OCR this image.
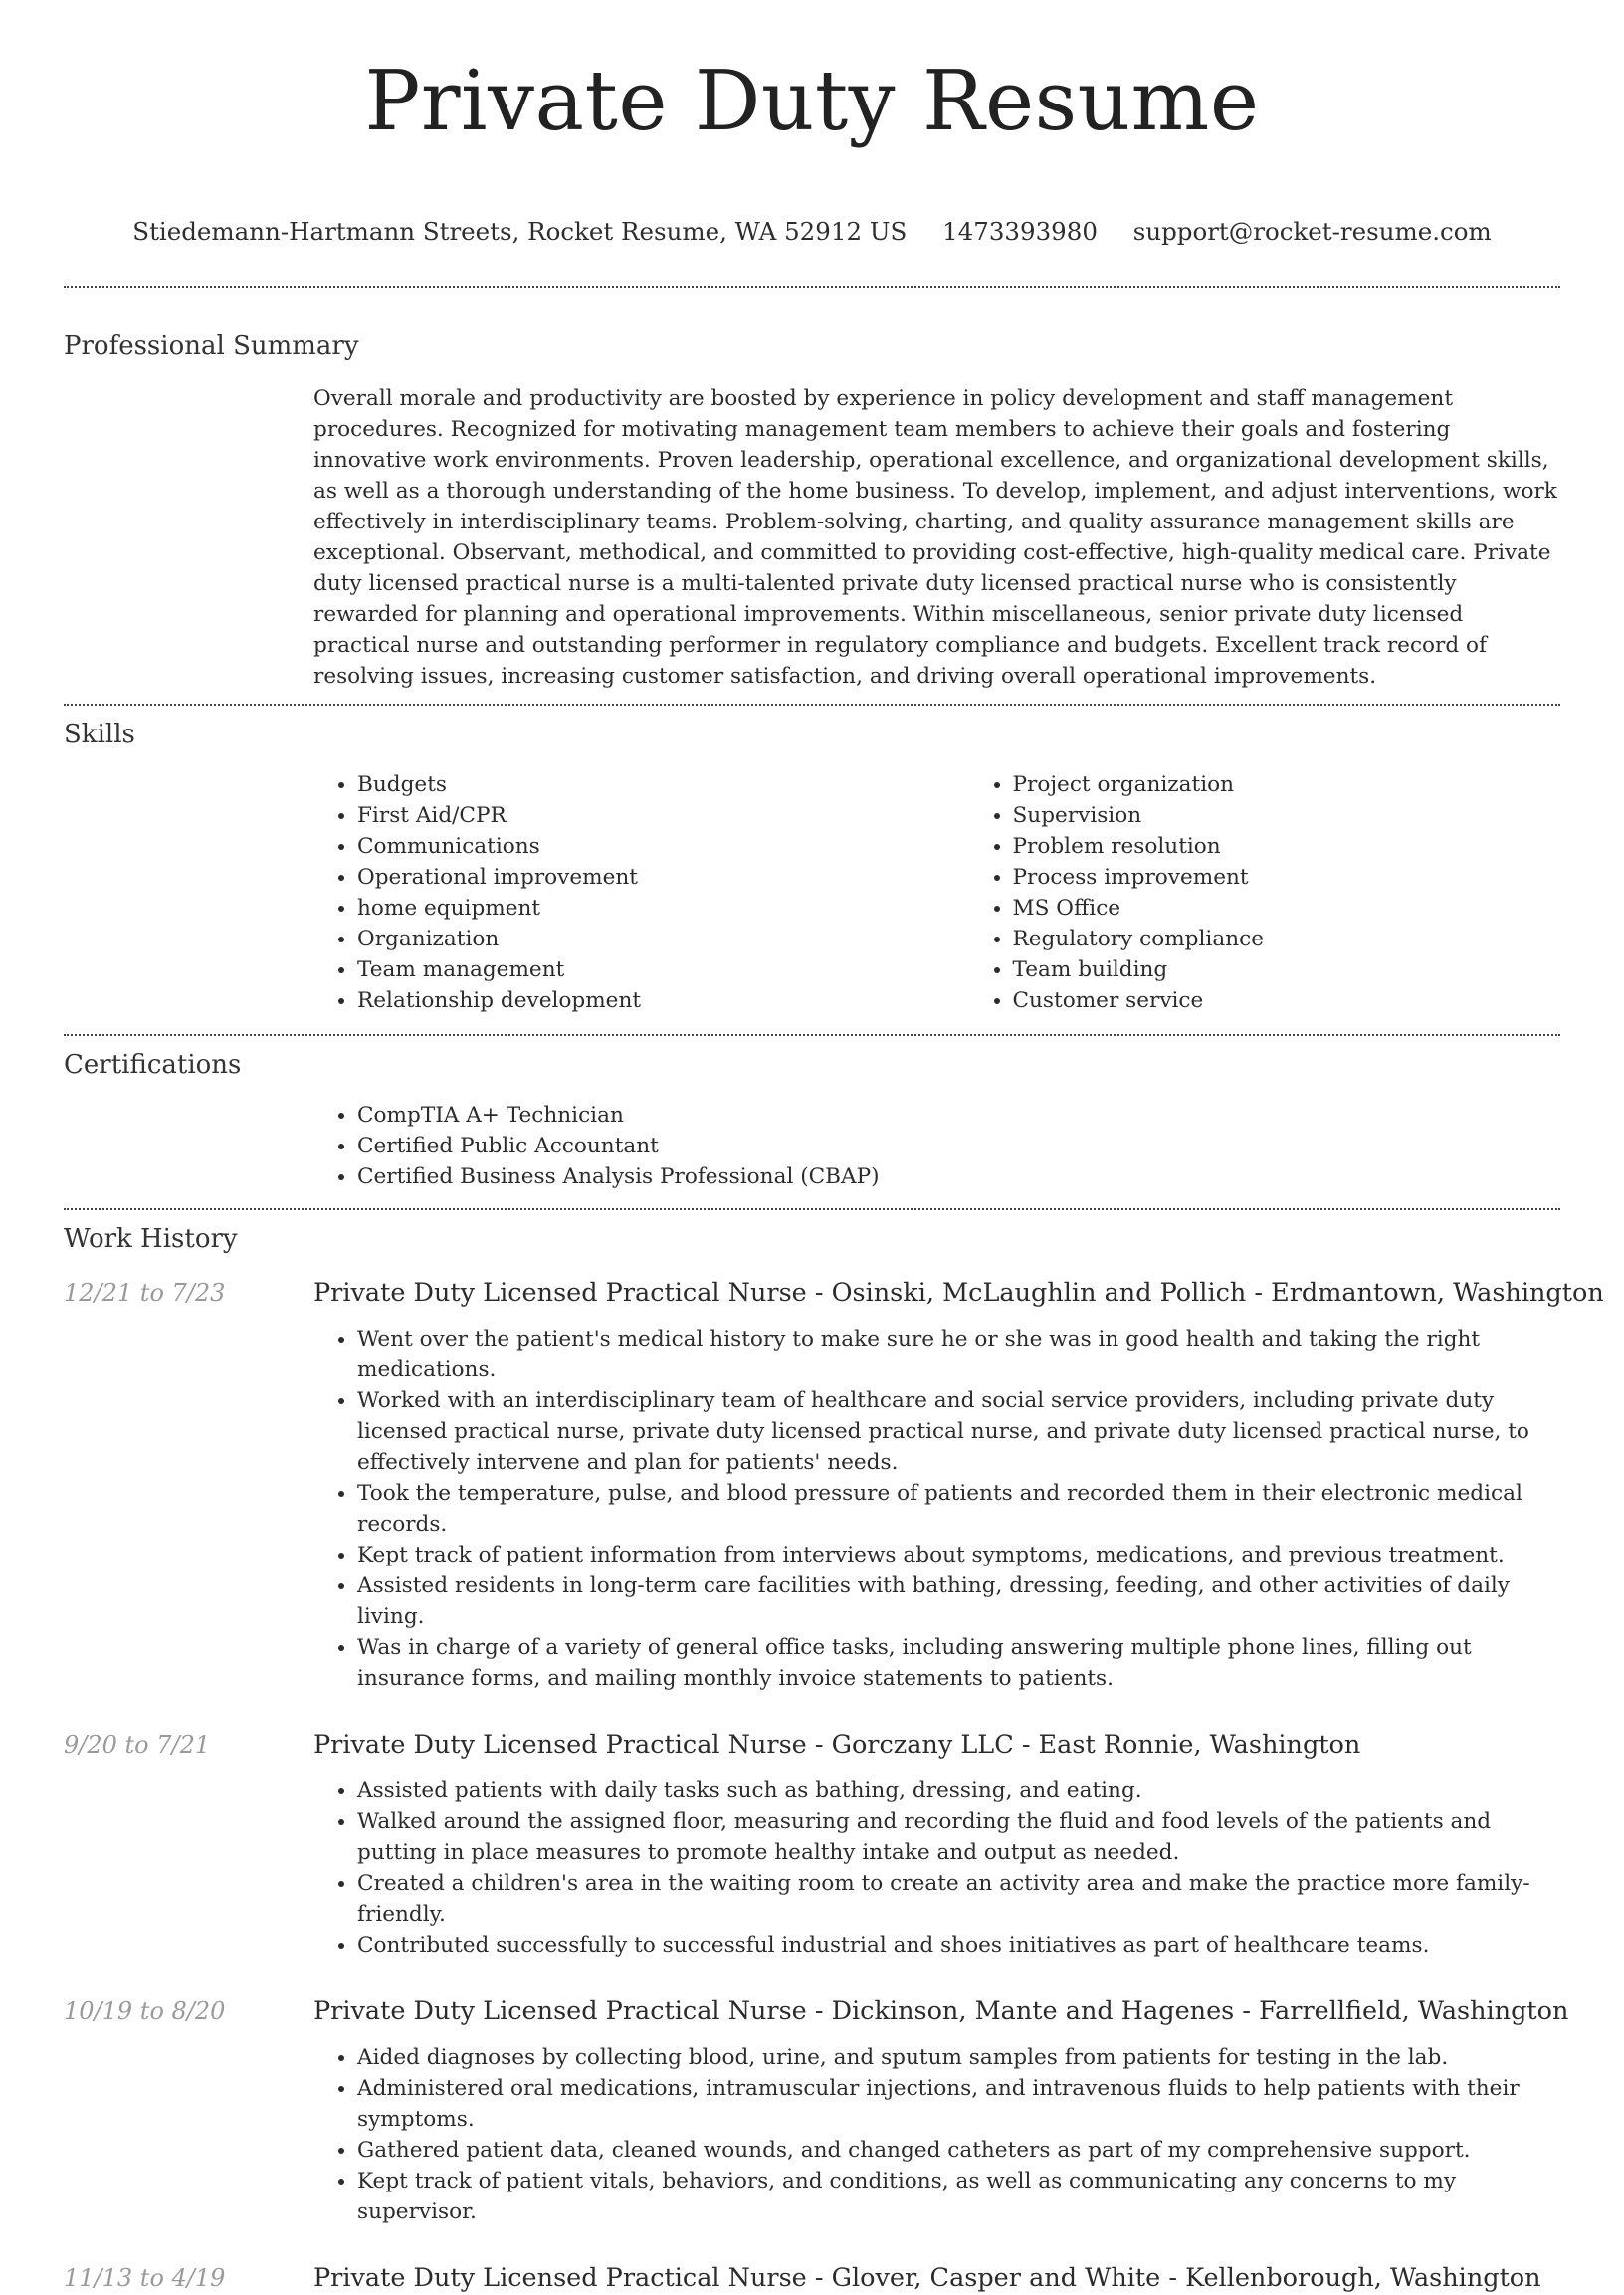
Private Duty Resume
Stiedemann-Hartmann Streets, Rocket Resume, WA 52912 US 1473393980 support@rocket-resume.com
Professional Summary
Overall morale and productivity are boosted by experience in policy development and staff management procedures. Recognized for motivating management team members to achieve their goals and fostering innovative work environments. Proven leadership, operational excellence, and organizational development skills, as well as a thorough understanding of the home business. To develop, implement, and adjust interventions, work effectively in interdisciplinary teams. Problem-solving, charting, and quality assurance management skills are exceptional. Observant, methodical, and committed to providing cost-effective, high-quality medical care. Private duty licensed practical nurse is a multi-talented private duty licensed practical nurse who is consistently rewarded for planning and operational improvements. Within miscellaneous, senior private duty licensed practical nurse and outstanding performer in regulatory compliance and budgets. Excellent track record of resolving issues, increasing customer satisfaction, and driving overall operational improvements.
Skills
• Budgets
• First Aid/CPR
• Communications
• Operational improvement
• home equipment
• Organization
• Team management
• Relationship development
• Project organization
• Supervision
• Problem resolution
• Process improvement
• MS Office
• Regulatory compliance
• Team building
• Customer service
Certifications
• CompTIA A+ Technician
• Certified Public Accountant
• Certified Business Analysis Professional (CBAP)
Work History
12/21 to 7/23	Private Duty Licensed Practical Nurse - Osinski, McLaughlin and Pollich - Erdmantown, Washington
• Went over the patient's medical history to make sure he or she was in good health and taking the right medications.
• Worked with an interdisciplinary team of healthcare and social service providers, including private duty licensed practical nurse, private duty licensed practical nurse, and private duty licensed practical nurse, to effectively intervene and plan for patients' needs.
• Took the temperature, pulse, and blood pressure of patients and recorded them in their electronic medical records.
• Kept track of patient information from interviews about symptoms, medications, and previous treatment.
• Assisted residents in long-term care facilities with bathing, dressing, feeding, and other activities of daily living.
• Was in charge of a variety of general office tasks, including answering multiple phone lines, filling out insurance forms, and mailing monthly invoice statements to patients.
9/20 to 7/21	Private Duty Licensed Practical Nurse - Gorczany LLC - East Ronnie, Washington
• Assisted patients with daily tasks such as bathing, dressing, and eating.
• Walked around the assigned floor, measuring and recording the fluid and food levels of the patients and putting in place measures to promote healthy intake and output as needed.
• Created a children's area in the waiting room to create an activity area and make the practice more family-friendly.
• Contributed successfully to successful industrial and shoes initiatives as part of healthcare teams.
10/19 to 8/20	Private Duty Licensed Practical Nurse - Dickinson, Mante and Hagenes - Farrellfield, Washington
• Aided diagnoses by collecting blood, urine, and sputum samples from patients for testing in the lab.
• Administered oral medications, intramuscular injections, and intravenous fluids to help patients with their symptoms.
• Gathered patient data, cleaned wounds, and changed catheters as part of my comprehensive support.
• Kept track of patient vitals, behaviors, and conditions, as well as communicating any concerns to my supervisor.
11/13 to 4/19	Private Duty Licensed Practical Nurse - Glover, Casper and White - Kellenborough, Washington
